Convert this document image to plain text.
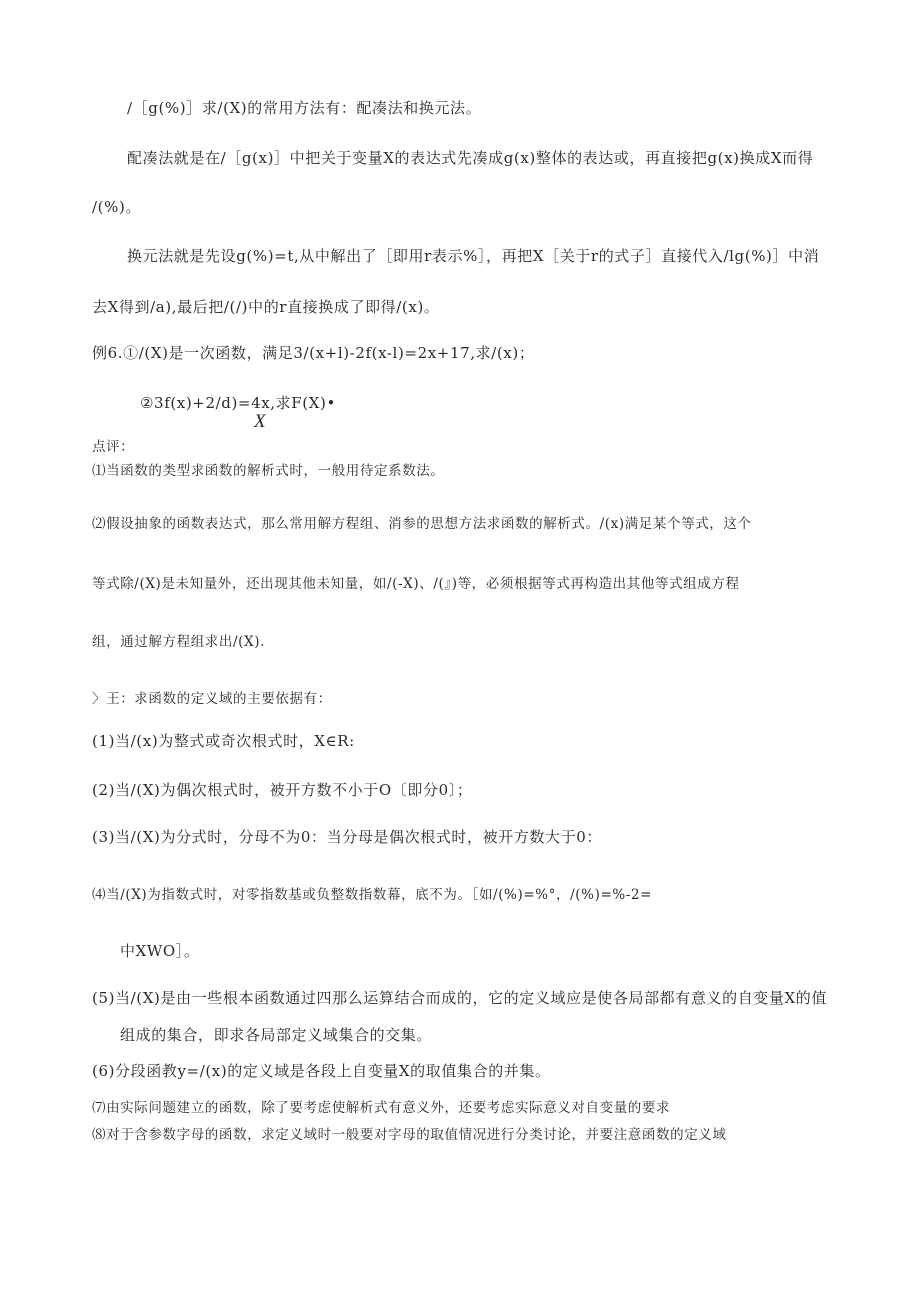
/［g(%)］求/(X)的常用方法有：配凑法和换元法。
配凑法就是在/［g(x)］中把关于变量X的表达式先凑成g(x)整体的表达或，再直接把g(x)换成X而得
/(%)。
换元法就是先设g(%)=t,从中解出了［即用r表示%］，再把X［关于r的式子］直接代入/lg(%)］中消
去X得到/a),最后把/(/)中的r直接换成了即得/(x)。
例6.①/(X)是一次函数，满足3/(x+l)-2f(x-l)=2x+17,求/(x)；
②3f(x)+2/d)=4x,求F(X)•
X
点评：
⑴当函数的类型求函数的解析式时，一般用待定系数法。
⑵假设抽象的函数表达式，那么常用解方程组、消参的思想方法求函数的解析式。/(x)满足某个等式，这个
等式除/(X)是未知量外，还出现其他未知量，如/(-X)、/(』)等，必须根据等式再构造出其他等式组成方程
组，通过解方程组求出/(X).
〉王：求函数的定义域的主要依据有：
(1)当/(x)为整式或奇次根式时，X∈R:
(2)当/(X)为偶次根式时，被开方数不小于O〔即分0〕；
(3)当/(X)为分式时，分母不为0：当分母是偶次根式时，被开方数大于0：
⑷当/(X)为指数式时，对零指数基或负整数指数幕，底不为。［如/(%)=%°，/(%)=%-2=
中XWO］。
(5)当/(X)是由一些根本函数通过四那么运算结合而成的，它的定义域应是使各局部都有意义的自变量X的值
组成的集合，即求各局部定义域集合的交集。
(6)分段函教y=/(x)的定义域是各段上自变量X的取值集合的并集。
⑺由实际问题建立的函数，除了要考虑使解析式有意义外，还要考虑实际意义对自变量的要求
⑻对于含参数字母的函数，求定义域时一般要对字母的取值情况进行分类讨论，并要注意函数的定义域
